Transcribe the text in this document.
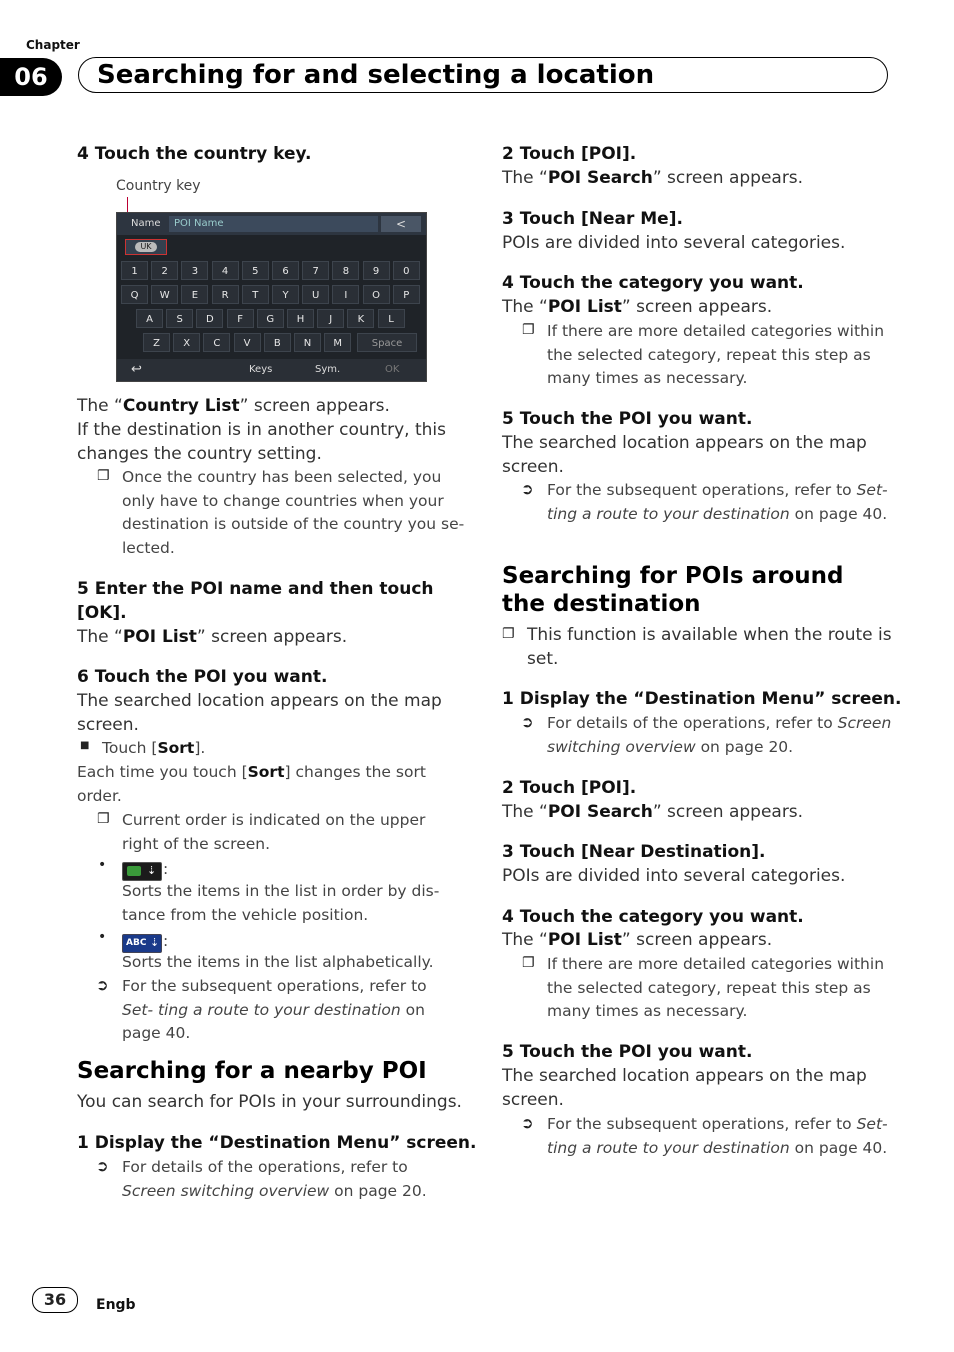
Chapter
06	Searching for and selecting a location
4 Touch the country key.
Country key
Name	POI Name	<
UK
1	2	3	4	5	6	7	8	9	0
Q	W	E	R	T	Y	U	I	O	P
A	S	D	F	G	H	J	K	L
Z	X	C	V	B	N	M	Space
↩	Keys	Sym.	OK
The “Country List” screen appears.
If the destination is in another country, this changes the country setting.
❐ Once the country has been selected, you only have to change countries when your destination is outside of the country you se-lected.
5 Enter the POI name and then touch
[OK].
The “POI List” screen appears.
6 Touch the POI you want.
The searched location appears on the map screen.
■ Touch [Sort].
Each time you touch [Sort] changes the sort order.
❐ Current order is indicated on the upper right of the screen.
•	⇣ :
Sorts the items in the list in order by dis-tance from the vehicle position.
• ABC ⇣ :
Sorts the items in the list alphabetically.
➲ For the subsequent operations, refer to Set- ting a route to your destination on page 40.
Searching for a nearby POI
You can search for POIs in your surroundings.
1 Display the “Destination Menu” screen.
➲ For details of the operations, refer to Screen switching overview on page 20.
2 Touch [POI].
The “POI Search” screen appears.
3 Touch [Near Me].
POIs are divided into several categories.
4 Touch the category you want.
The “POI List” screen appears.
❐ If there are more detailed categories within the selected category, repeat this step as many times as necessary.
5 Touch the POI you want.
The searched location appears on the map screen.
➲ For the subsequent operations, refer to Set- ting a route to your destination on page 40.
Searching for POIs around the destination
❐ This function is available when the route is set.
1 Display the “Destination Menu” screen.
➲ For details of the operations, refer to Screen switching overview on page 20.
2 Touch [POI].
The “POI Search” screen appears.
3 Touch [Near Destination].
POIs are divided into several categories.
4 Touch the category you want.
The “POI List” screen appears.
❐ If there are more detailed categories within the selected category, repeat this step as many times as necessary.
5 Touch the POI you want.
The searched location appears on the map screen.
➲ For the subsequent operations, refer to Set- ting a route to your destination on page 40.
36	Engb
